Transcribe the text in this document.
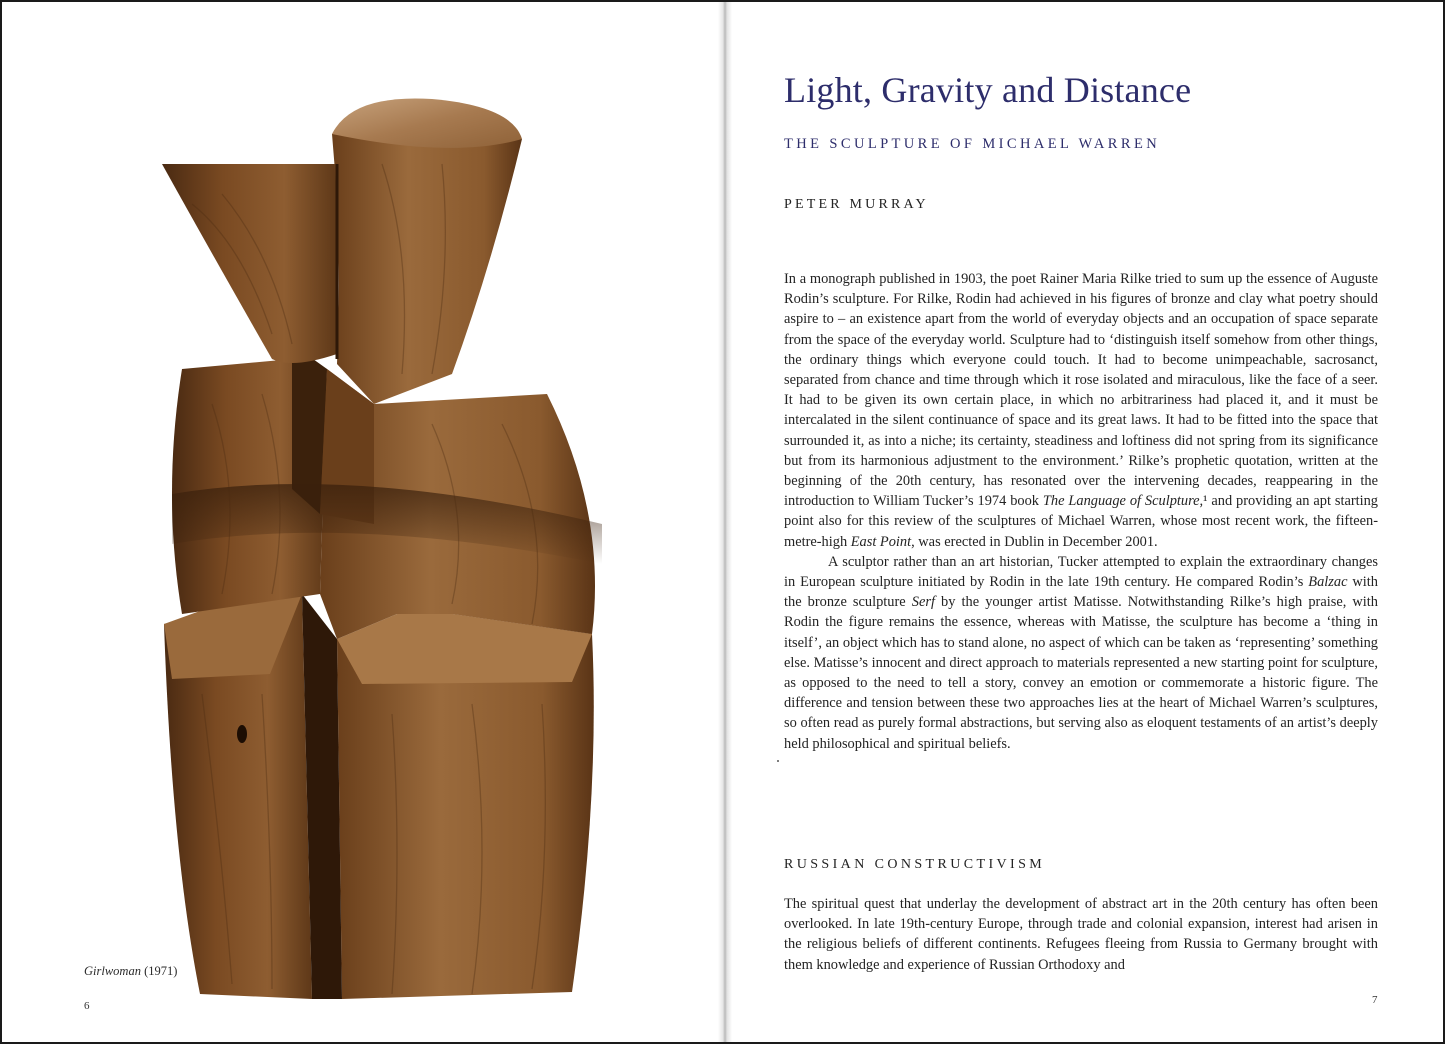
Girlwoman (1971)
6
Light, Gravity and Distance
THE SCULPTURE OF MICHAEL WARREN
PETER MURRAY

In a monograph published in 1903, the poet Rainer Maria Rilke tried to sum up the essence of Auguste Rodin’s sculpture. For Rilke, Rodin had achieved in his figures of bronze and clay what poetry should aspire to – an existence apart from the world of everyday objects and an occupation of space separate from the space of the everyday world. Sculpture had to ‘distinguish itself somehow from other things, the ordinary things which everyone could touch. It had to become unimpeachable, sacrosanct, separated from chance and time through which it rose isolated and miraculous, like the face of a seer. It had to be given its own certain place, in which no arbitrariness had placed it, and it must be intercalated in the silent continuance of space and its great laws. It had to be fitted into the space that surrounded it, as into a niche; its certainty, steadiness and loftiness did not spring from its significance but from its harmonious adjustment to the environment.’ Rilke’s prophetic quotation, written at the beginning of the 20th century, has resonated over the intervening decades, reappearing in the introduction to William Tucker’s 1974 book The Language of Sculpture,¹ and providing an apt starting point also for this review of the sculptures of Michael Warren, whose most recent work, the fifteen-metre-high East Point, was erected in Dublin in December 2001.

A sculptor rather than an art historian, Tucker attempted to explain the extraordinary changes in European sculpture initiated by Rodin in the late 19th century. He compared Rodin’s Balzac with the bronze sculpture Serf by the younger artist Matisse. Notwithstanding Rilke’s high praise, with Rodin the figure remains the essence, whereas with Matisse, the sculpture has become a ‘thing in itself’, an object which has to stand alone, no aspect of which can be taken as ‘representing’ something else. Matisse’s innocent and direct approach to materials represented a new starting point for sculpture, as opposed to the need to tell a story, convey an emotion or commemorate a historic figure. The difference and tension between these two approaches lies at the heart of Michael Warren’s sculptures, so often read as purely formal abstractions, but serving also as eloquent testaments of an artist’s deeply held philosophical and spiritual beliefs.

RUSSIAN CONSTRUCTIVISM

The spiritual quest that underlay the development of abstract art in the 20th century has often been overlooked. In late 19th-century Europe, through trade and colonial expansion, interest had arisen in the religious beliefs of different continents. Refugees fleeing from Russia to Germany brought with them knowledge and experience of Russian Orthodoxy and

7
